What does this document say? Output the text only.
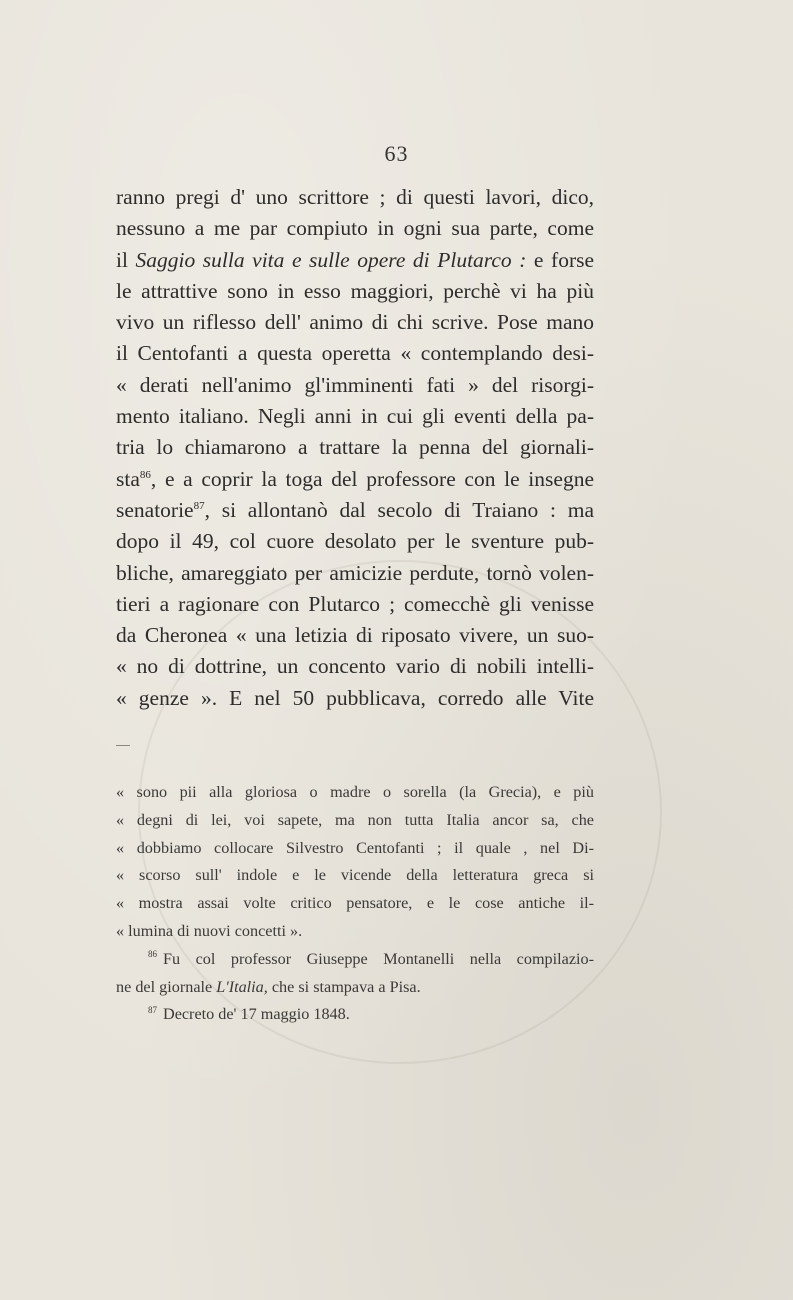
63
ranno pregi d' uno scrittore ; di questi lavori, dico,
nessuno a me par compiuto in ogni sua parte, come
il Saggio sulla vita e sulle opere di Plutarco : e forse
le attrattive sono in esso maggiori, perchè vi ha più
vivo un riflesso dell' animo di chi scrive. Pose mano
il Centofanti a questa operetta « contemplando desi-
« derati nell'animo gl'imminenti fati » del risorgi-
mento italiano. Negli anni in cui gli eventi della pa-
tria lo chiamarono a trattare la penna del giornali-
sta$^{86}$, e a coprir la toga del professore con le insegne
senatorie$^{87}$, si allontanò dal secolo di Traiano : ma
dopo il 49, col cuore desolato per le sventure pub-
bliche, amareggiato per amicizie perdute, tornò volen-
tieri a ragionare con Plutarco ; comecchè gli venisse
da Cheronea « una letizia di riposato vivere, un suo-
« no di dottrine, un concento vario di nobili intelli-
« genze ». E nel 50 pubblicava, corredo alle Vite
« sono pii alla gloriosa o madre o sorella (la Grecia), e più
« degni di lei, voi sapete, ma non tutta Italia ancor sa, che
« dobbiamo collocare Silvestro Centofanti ; il quale , nel Di-
« scorso sull' indole e le vicende della letteratura greca si
« mostra assai volte critico pensatore, e le cose antiche il-
« lumina di nuovi concetti ».
$^{86}$ Fu col professor Giuseppe Montanelli nella compilazio-
ne del giornale L'Italia, che si stampava a Pisa.
$^{87}$ Decreto de' 17 maggio 1848.
